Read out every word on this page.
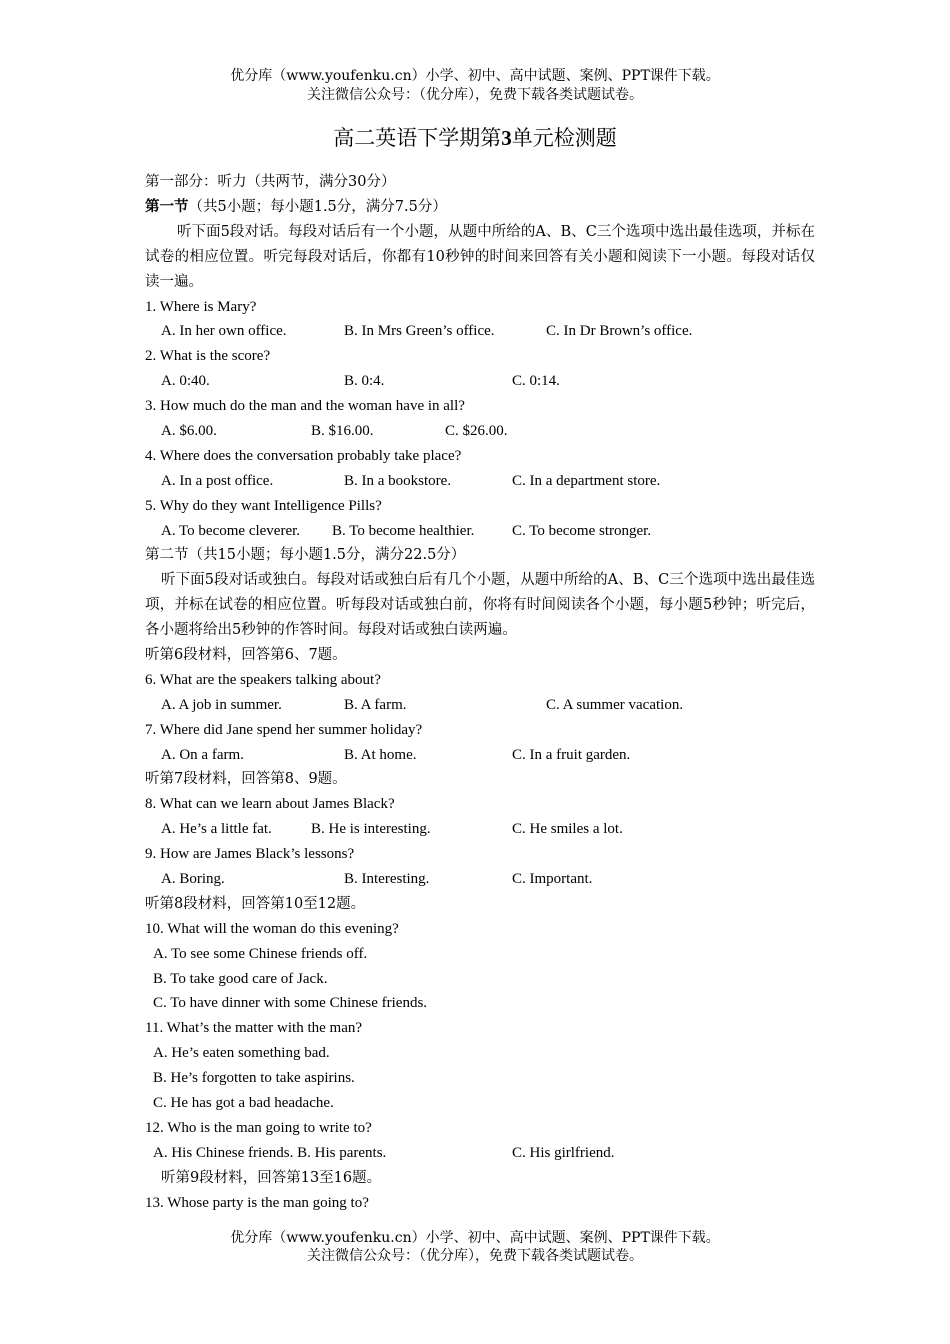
优分库（www.youfenku.cn）小学、初中、高中试题、案例、PPT课件下载。
关注微信公众号：（优分库），免费下载各类试题试卷。
高二英语下学期第3单元检测题
第一部分：听力（共两节，满分30分）
第一节（共5小题；每小题1.5分，满分7.5分）
听下面5段对话。每段对话后有一个小题，从题中所给的A、B、C三个选项中选出最佳选项，并标在试卷的相应位置。听完每段对话后，你都有10秒钟的时间来回答有关小题和阅读下一小题。每段对话仅读一遍。
1. Where is Mary?
A. In her own office.	B. In Mrs Green’s office.	C. In Dr Brown’s office.
2. What is the score?
A. 0:40.	B. 0:4.	C. 0:14.
3. How much do the man and the woman have in all?
A. $6.00.	B. $16.00.	C. $26.00.
4. Where does the conversation probably take place?
A. In a post office.	B. In a bookstore.	C. In a department store.
5. Why do they want Intelligence Pills?
A. To become cleverer. B. To become healthier.	C. To become stronger.
第二节（共15小题；每小题1.5分，满分22.5分）
听下面5段对话或独白。每段对话或独白后有几个小题，从题中所给的A、B、C三个选项中选出最佳选项，并标在试卷的相应位置。听每段对话或独白前，你将有时间阅读各个小题，每小题5秒钟；听完后，各小题将给出5秒钟的作答时间。每段对话或独白读两遍。
听第6段材料，回答第6、7题。
6. What are the speakers talking about?
A. A job in summer.	B. A farm.	C. A summer vacation.
7. Where did Jane spend her summer holiday?
A. On a farm.	B. At home.	C. In a fruit garden.
听第7段材料，回答第8、9题。
8. What can we learn about James Black?
A. He’s a little fat.	B. He is interesting.	C. He smiles a lot.
9. How are James Black’s lessons?
A. Boring.	B. Interesting.	C. Important.
听第8段材料，回答第10至12题。
10. What will the woman do this evening?
A. To see some Chinese friends off.
B. To take good care of Jack.
C. To have dinner with some Chinese friends.
11. What’s the matter with the man?
A. He’s eaten something bad.
B. He’s forgotten to take aspirins.
C. He has got a bad headache.
12. Who is the man going to write to?
A. His Chinese friends. B. His parents.	C. His girlfriend.
听第9段材料，回答第13至16题。
13. Whose party is the man going to?
优分库（www.youfenku.cn）小学、初中、高中试题、案例、PPT课件下载。
关注微信公众号：（优分库），免费下载各类试题试卷。
